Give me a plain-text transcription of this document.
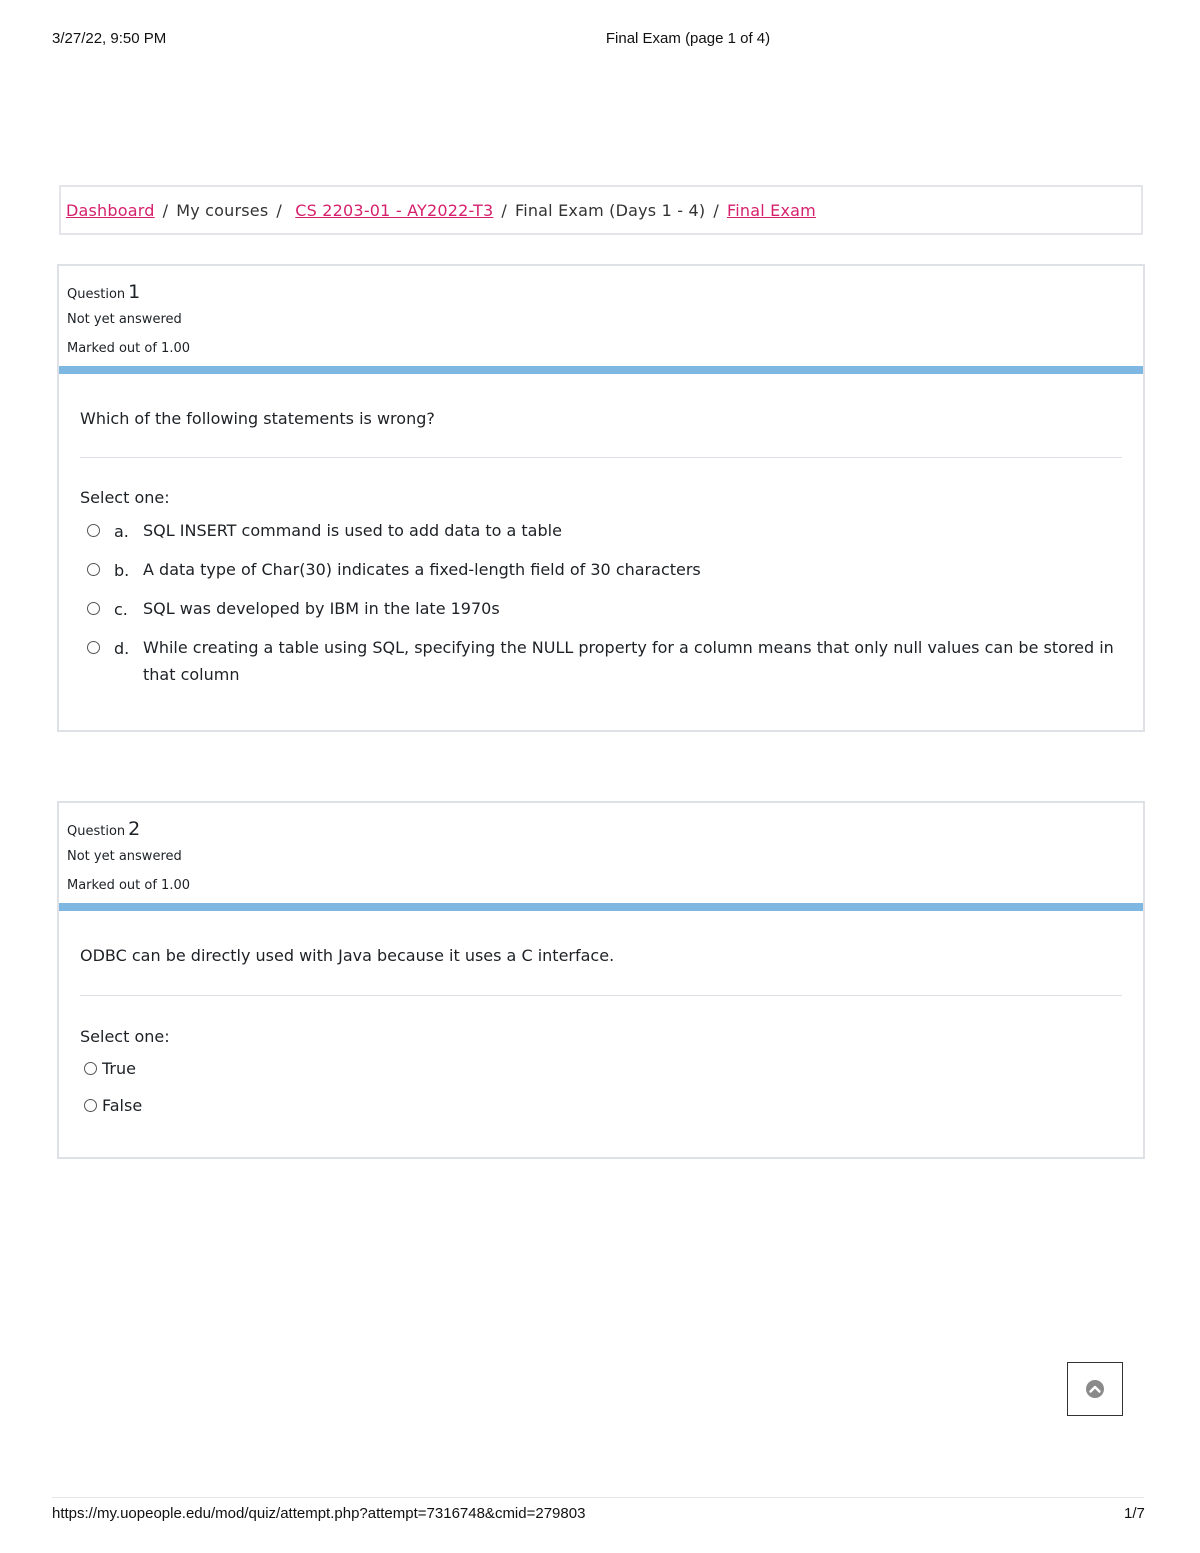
3/27/22, 9:50 PM	Final Exam (page 1 of 4)
Dashboard / My courses / CS 2203-01 - AY2022-T3 / Final Exam (Days 1 - 4) / Final Exam
Question 1
Not yet answered
Marked out of 1.00
Which of the following statements is wrong?
Select one:
a. SQL INSERT command is used to add data to a table
b. A data type of Char(30) indicates a fixed-length field of 30 characters
c. SQL was developed by IBM in the late 1970s
d. While creating a table using SQL, specifying the NULL property for a column means that only null values can be stored in that column
Question 2
Not yet answered
Marked out of 1.00
ODBC can be directly used with Java because it uses a C interface.
Select one:
True
False
https://my.uopeople.edu/mod/quiz/attempt.php?attempt=7316748&cmid=279803	1/7
